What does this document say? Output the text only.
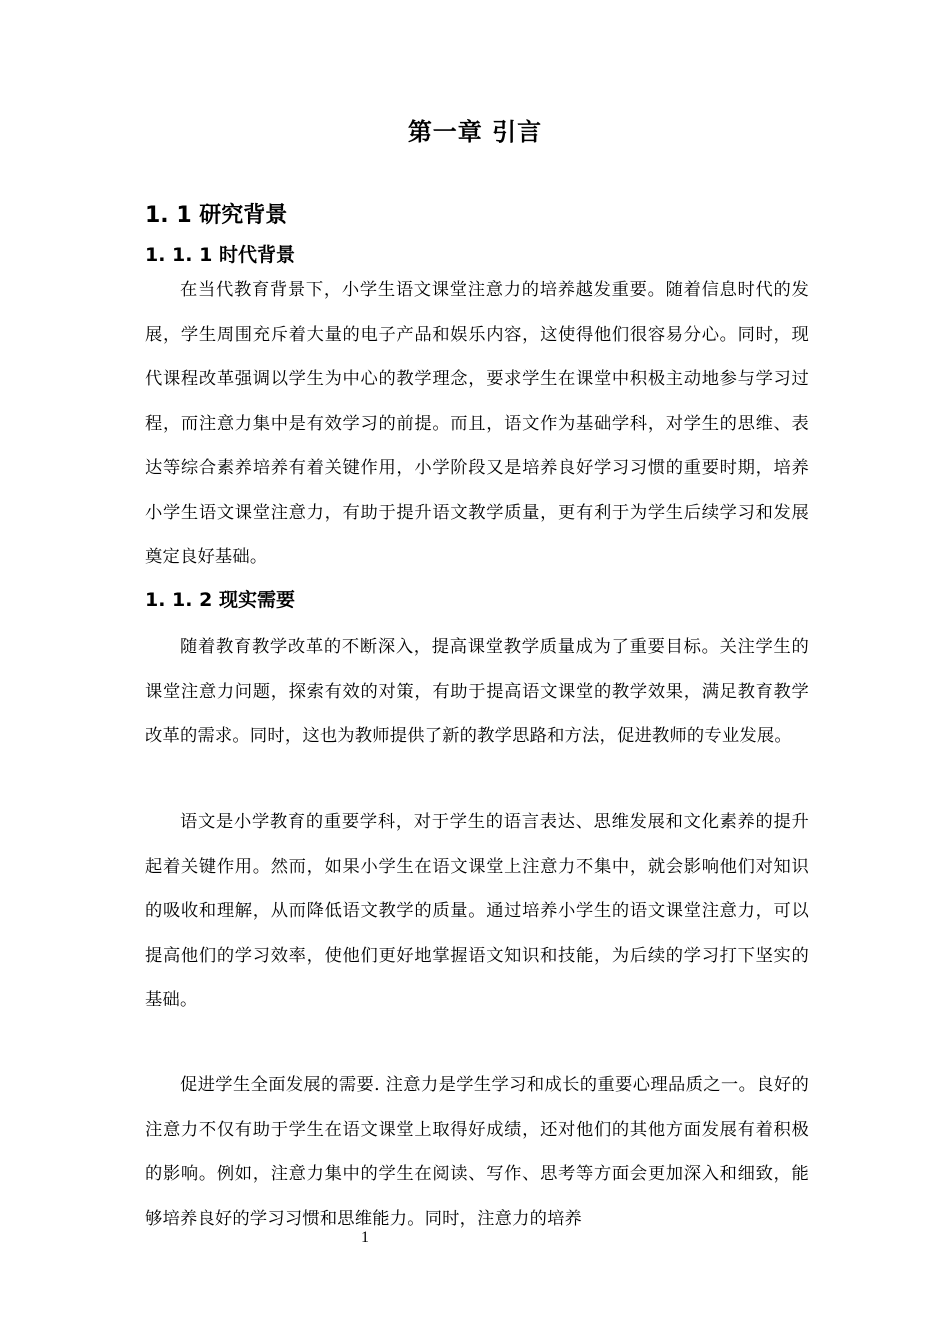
第一章 引言
1. 1 研究背景
1. 1. 1 时代背景

在当代教育背景下，小学生语文课堂注意力的培养越发重要。随着信息时代的发展，学生周围充斥着大量的电子产品和娱乐内容，这使得他们很容易分心。同时，现代课程改革强调以学生为中心的教学理念，要求学生在课堂中积极主动地参与学习过程，而注意力集中是有效学习的前提。而且，语文作为基础学科，对学生的思维、表达等综合素养培养有着关键作用，小学阶段又是培养良好学习习惯的重要时期，培养小学生语文课堂注意力，有助于提升语文教学质量，更有利于为学生后续学习和发展奠定良好基础。

1. 1. 2 现实需要

随着教育教学改革的不断深入，提高课堂教学质量成为了重要目标。关注学生的课堂注意力问题，探索有效的对策，有助于提高语文课堂的教学效果，满足教育教学改革的需求。同时，这也为教师提供了新的教学思路和方法，促进教师的专业发展。

语文是小学教育的重要学科，对于学生的语言表达、思维发展和文化素养的提升起着关键作用。然而，如果小学生在语文课堂上注意力不集中，就会影响他们对知识的吸收和理解，从而降低语文教学的质量。通过培养小学生的语文课堂注意力，可以提高他们的学习效率，使他们更好地掌握语文知识和技能，为后续的学习打下坚实的基础。

促进学生全面发展的需要. 注意力是学生学习和成长的重要心理品质之一。良好的注意力不仅有助于学生在语文课堂上取得好成绩，还对他们的其他方面发展有着积极的影响。例如，注意力集中的学生在阅读、写作、思考等方面会更加深入和细致，能够培养良好的学习习惯和思维能力。同时，注意力的培养

1
